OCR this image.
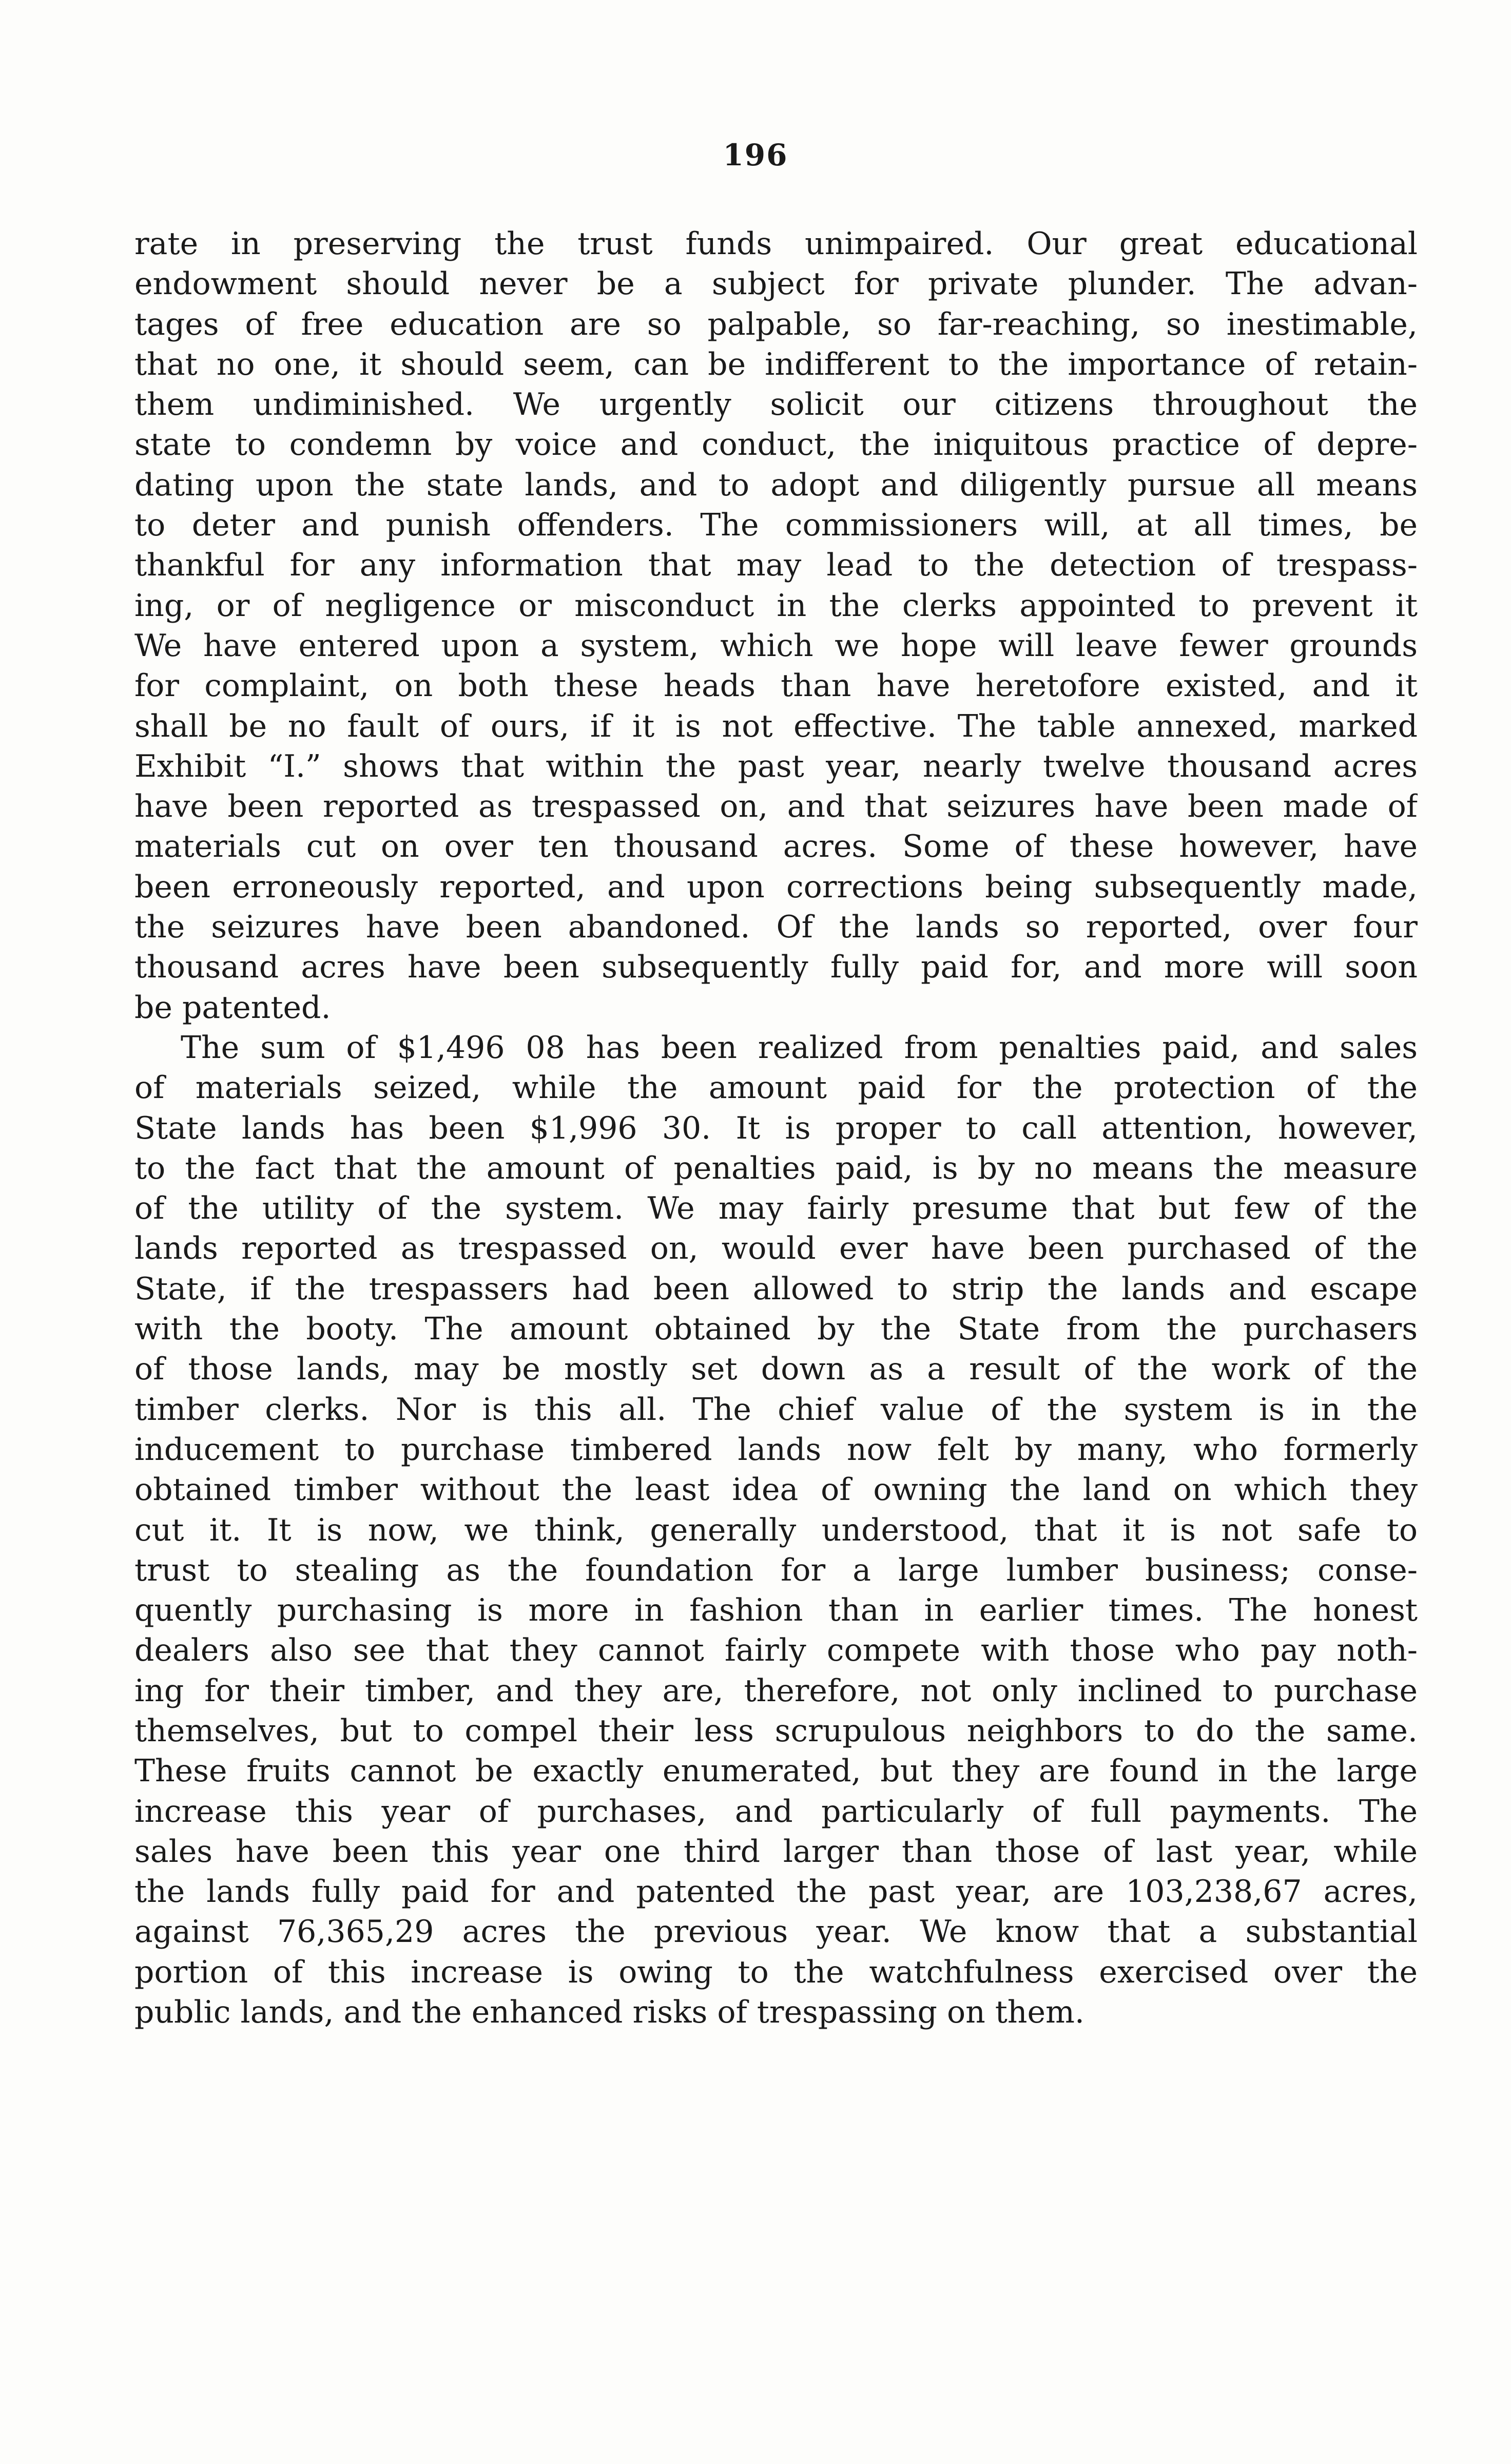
196
rate in preserving the trust funds unimpaired. Our great educational
endowment should never be a subject for private plunder. The advan-
tages of free education are so palpable, so far-reaching, so inestimable,
that no one, it should seem, can be indifferent to the importance of retain-
them undiminished. We urgently solicit our citizens throughout the
state to condemn by voice and conduct, the iniquitous practice of depre-
dating upon the state lands, and to adopt and diligently pursue all means
to deter and punish offenders. The commissioners will, at all times, be
thankful for any information that may lead to the detection of trespass-
ing, or of negligence or misconduct in the clerks appointed to prevent it
We have entered upon a system, which we hope will leave fewer grounds
for complaint, on both these heads than have heretofore existed, and it
shall be no fault of ours, if it is not effective. The table annexed, marked
Exhibit “I.” shows that within the past year, nearly twelve thousand acres
have been reported as trespassed on, and that seizures have been made of
materials cut on over ten thousand acres. Some of these however, have
been erroneously reported, and upon corrections being subsequently made,
the seizures have been abandoned. Of the lands so reported, over four
thousand acres have been subsequently fully paid for, and more will soon
be patented.
The sum of $1,496 08 has been realized from penalties paid, and sales
of materials seized, while the amount paid for the protection of the
State lands has been $1,996 30. It is proper to call attention, however,
to the fact that the amount of penalties paid, is by no means the measure
of the utility of the system. We may fairly presume that but few of the
lands reported as trespassed on, would ever have been purchased of the
State, if the trespassers had been allowed to strip the lands and escape
with the booty. The amount obtained by the State from the purchasers
of those lands, may be mostly set down as a result of the work of the
timber clerks. Nor is this all. The chief value of the system is in the
inducement to purchase timbered lands now felt by many, who formerly
obtained timber without the least idea of owning the land on which they
cut it. It is now, we think, generally understood, that it is not safe to
trust to stealing as the foundation for a large lumber business; conse-
quently purchasing is more in fashion than in earlier times. The honest
dealers also see that they cannot fairly compete with those who pay noth-
ing for their timber, and they are, therefore, not only inclined to purchase
themselves, but to compel their less scrupulous neighbors to do the same.
These fruits cannot be exactly enumerated, but they are found in the large
increase this year of purchases, and particularly of full payments. The
sales have been this year one third larger than those of last year, while
the lands fully paid for and patented the past year, are 103,238,67 acres,
against 76,365,29 acres the previous year. We know that a substantial
portion of this increase is owing to the watchfulness exercised over the
public lands, and the enhanced risks of trespassing on them.
